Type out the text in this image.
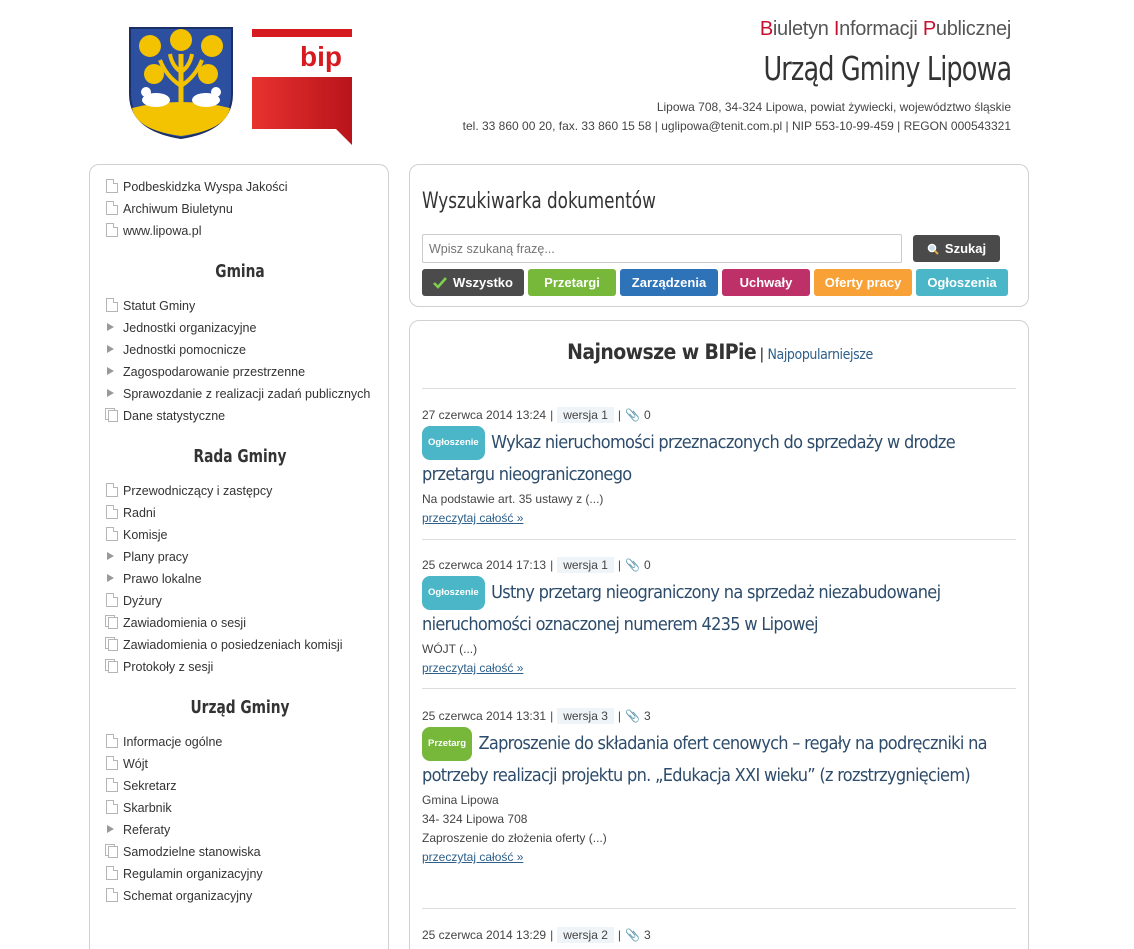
bip
Biuletyn Informacji Publicznej
Urząd Gminy Lipowa
Lipowa 708, 34-324 Lipowa, powiat żywiecki, województwo śląskie
tel. 33 860 00 20, fax. 33 860 15 58 | uglipowa@tenit.com.pl | NIP 553-10-99-459 | REGON 000543321
Podbeskidzka Wyspa Jakości
Archiwum Biuletynu
www.lipowa.pl
Gmina
Statut Gminy
Jednostki organizacyjne
Jednostki pomocnicze
Zagospodarowanie przestrzenne
Sprawozdanie z realizacji zadań publicznych
Dane statystyczne
Rada Gminy
Przewodniczący i zastępcy
Radni
Komisje
Plany pracy
Prawo lokalne
Dyżury
Zawiadomienia o sesji
Zawiadomienia o posiedzeniach komisji
Protokoły z sesji
Urząd Gminy
Informacje ogólne
Wójt
Sekretarz
Skarbnik
Referaty
Samodzielne stanowiska
Regulamin organizacyjny
Schemat organizacyjny
Wyszukiwarka dokumentów
Wpisz szukaną frazę...
Szukaj
Wszystko	Przetargi	Zarządzenia	Uchwały	Oferty pracy	Ogłoszenia
Najnowsze w BIPie | Najpopularniejsze
27 czerwca 2014 13:24 | wersja 1 | 📎 0
Ogłoszenie Wykaz nieruchomości przeznaczonych do sprzedaży w drodze przetargu nieograniczonego
Na podstawie art. 35 ustawy z (...)
przeczytaj całość »
25 czerwca 2014 17:13 | wersja 1 | 📎 0
Ogłoszenie Ustny przetarg nieograniczony na sprzedaż niezabudowanej nieruchomości oznaczonej numerem 4235 w Lipowej
WÓJT (...)
przeczytaj całość »
25 czerwca 2014 13:31 | wersja 3 | 📎 3
Przetarg Zaproszenie do składania ofert cenowych – regały na podręczniki na potrzeby realizacji projektu pn. „Edukacja XXI wieku” (z rozstrzygnięciem)
Gmina Lipowa
34- 324 Lipowa 708
Zaproszenie do złożenia oferty (...)
przeczytaj całość »
25 czerwca 2014 13:29 | wersja 2 | 📎 3
